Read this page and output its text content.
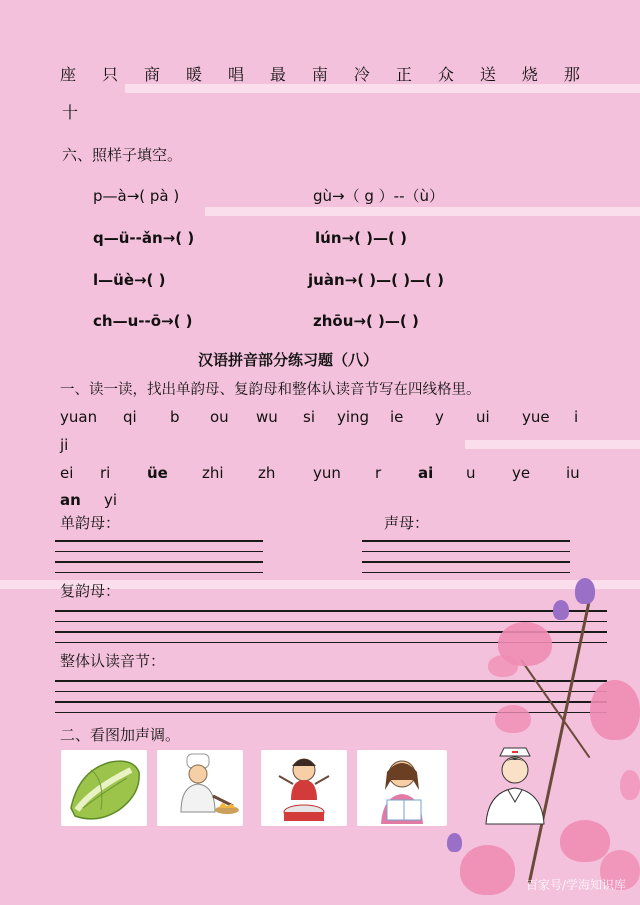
座 只 商 暖 唱 最 南 冷 正 众 送 烧 那
十
六、照样子填空。
p—à→( pà )	gù→（ g ）--（ù）
q—ü--ǎn→( )	lún→( )—( )
l—üè→( )	juàn→( )—( )—( )
ch—u--ō→( )	zhōu→( )—( )
汉语拼音部分练习题（八）
一、读一读，找出单韵母、复韵母和整体认读音节写在四线格里。
yuan qi b ou wu si ying ie y ui yue i
ji
ei ri üe zhi zh	yun r ai u ye iu
an yi
单韵母：	声母：
复韵母：
整体认读音节：
二、看图加声调。
百家号/学海知识库
